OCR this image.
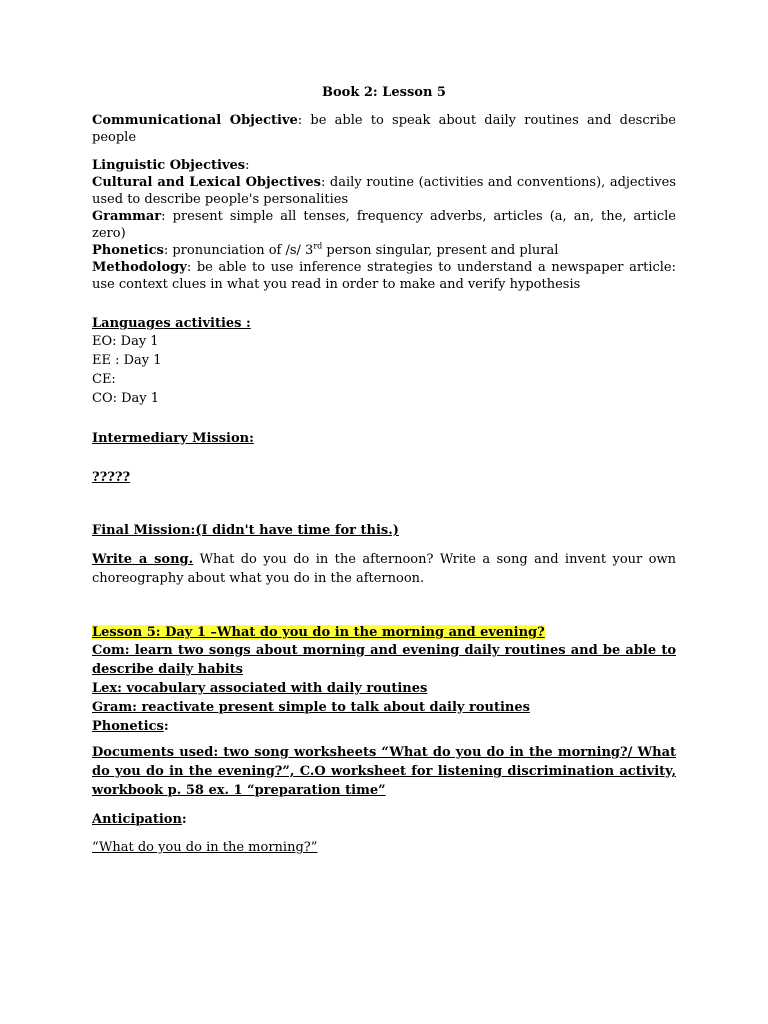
Book 2: Lesson 5

Communicational Objective: be able to speak about daily routines and describe people

Linguistic Objectives:

Cultural and Lexical Objectives: daily routine (activities and conventions), adjectives used to describe people's personalities

Grammar: present simple all tenses, frequency adverbs, articles (a, an, the, article zero)

Phonetics: pronunciation of /s/ 3rd person singular, present and plural

Methodology: be able to use inference strategies to understand a newspaper article: use context clues in what you read in order to make and verify hypothesis

Languages activities :

EO: Day 1

EE : Day 1

CE:

CO: Day 1

Intermediary Mission:

?????

Final Mission:(I didn't have time for this.)

Write a song. What do you do in the afternoon? Write a song and invent your own choreography about what you do in the afternoon.

Lesson 5: Day 1 –What do you do in the morning and evening?

Com: learn two songs about morning and evening daily routines and be able to describe daily habits

Lex: vocabulary associated with daily routines

Gram: reactivate present simple to talk about daily routines

Phonetics:

Documents used: two song worksheets “What do you do in the morning?/ What do you do in the evening?”, C.O worksheet for listening discrimination activity, workbook p. 58 ex. 1 “preparation time”

Anticipation:

“What do you do in the morning?”
